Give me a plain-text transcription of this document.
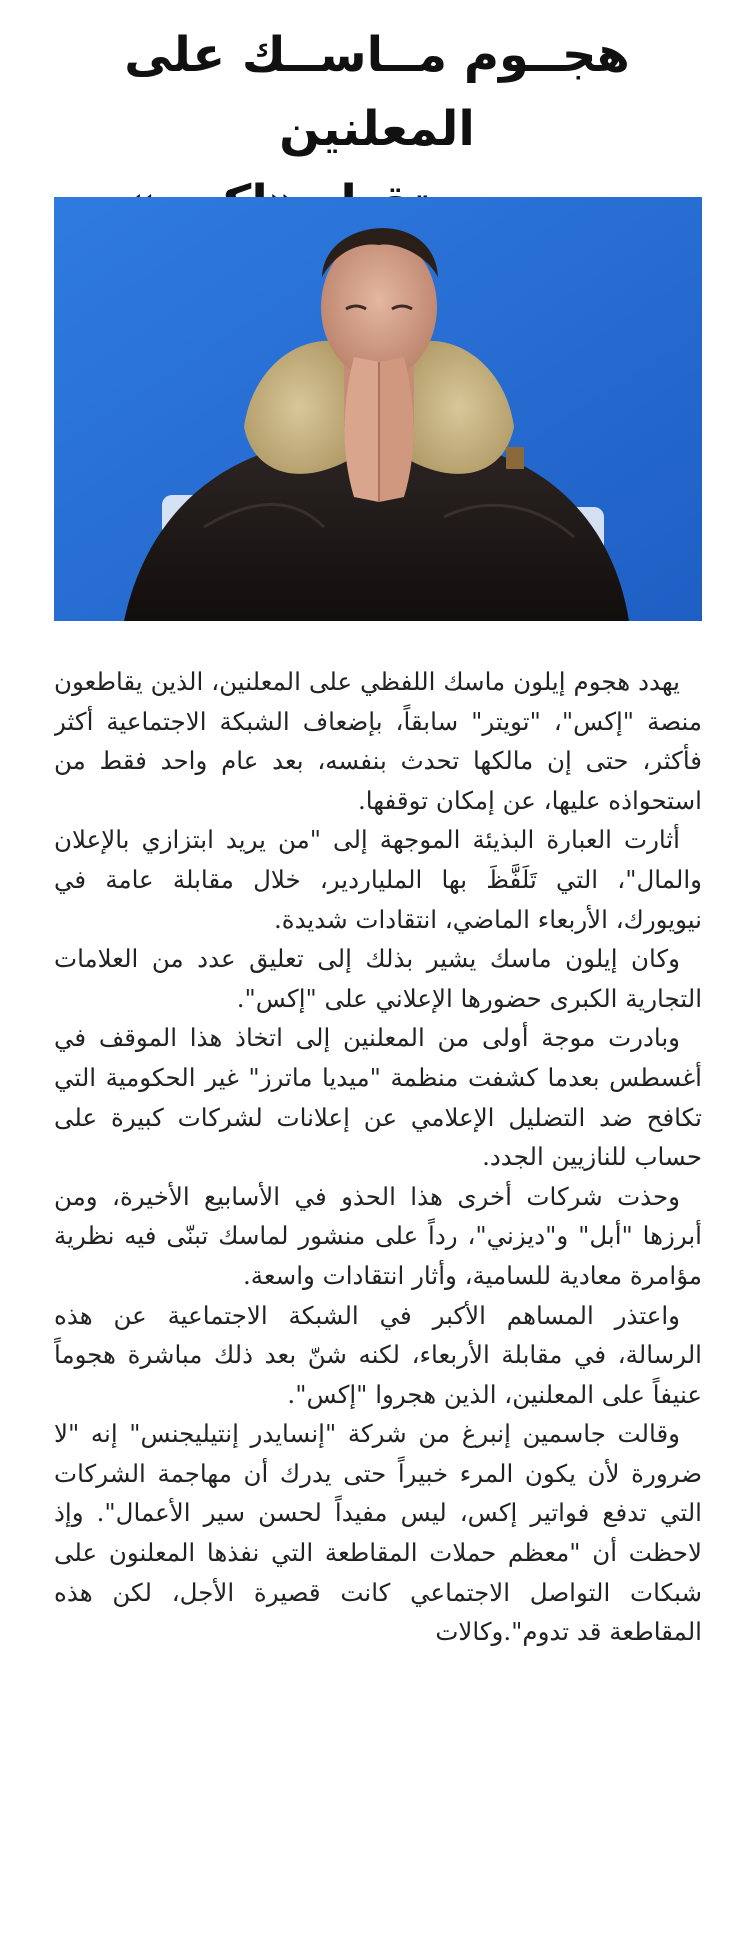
هجــوم مــاســك على المعلنين

يهدد هجوم إيلون ماسك اللفظي على المعلنين، الذين يقاطعون منصة "إكس"، "تويتر" سابقاً، بإضعاف الشبكة الاجتماعية أكثر فأكثر، حتى إن مالكها تحدث بنفسه، بعد عام واحد فقط من استحواذه عليها، عن إمكان توقفها.

أثارت العبارة البذيئة الموجهة إلى "من يريد ابتزازي بالإعلان والمال"، التي تَلَفَّظَ بها الملياردير، خلال مقابلة عامة في نيويورك، الأربعاء الماضي، انتقادات شديدة.

وكان إيلون ماسك يشير بذلك إلى تعليق عدد من العلامات التجارية الكبرى حضورها الإعلاني على "إكس".

وبادرت موجة أولى من المعلنين إلى اتخاذ هذا الموقف في أغسطس بعدما كشفت منظمة "ميديا ماترز" غير الحكومية التي تكافح ضد التضليل الإعلامي عن إعلانات لشركات كبيرة على حساب للنازيين الجدد.

وحذت شركات أخرى هذا الحذو في الأسابيع الأخيرة، ومن أبرزها "أبل" و"ديزني"، رداً على منشور لماسك تبنّى فيه نظرية مؤامرة معادية للسامية، وأثار انتقادات واسعة.

واعتذر المساهم الأكبر في الشبكة الاجتماعية عن هذه الرسالة، في مقابلة الأربعاء، لكنه شنّ بعد ذلك مباشرة هجوماً عنيفاً على المعلنين، الذين هجروا "إكس".

وقالت جاسمين إنبرغ من شركة "إنسايدر إنتيليجنس" إنه "لا ضرورة لأن يكون المرء خبيراً حتى يدرك أن مهاجمة الشركات التي تدفع فواتير إكس، ليس مفيداً لحسن سير الأعمال". وإذ لاحظت أن "معظم حملات المقاطعة التي نفذها المعلنون على شبكات التواصل الاجتماعي كانت قصيرة الأجل، لكن هذه المقاطعة قد تدوم".وكالات
